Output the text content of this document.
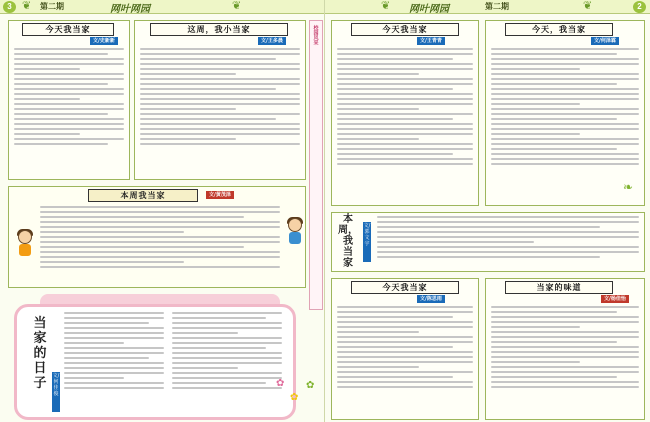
3 ❦ 第二期	网叶网园	❦
今天我当家
文/史新新
这周，我小当家
文/王多晨	校园风采
本周我当家	文/黄茂泽
当
家
的
日
子	文/何佳俊
✿
✿
✿
❦ 网叶网园	第二期	❦	2
今天我当家
文/王青青
今天，我当家
文/何泽霖
❧
本
周，
我
当
家
文/郭文宇
今天我当家
文/陈思雨
当家的味道
文/杨佳怡
